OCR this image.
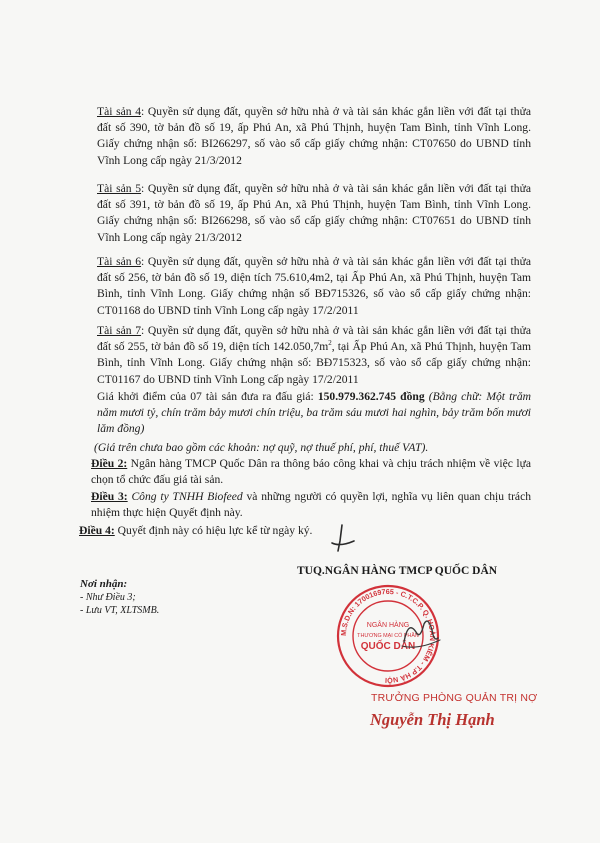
Tài sản 4: Quyền sử dụng đất, quyền sở hữu nhà ở và tài sản khác gắn liền với đất tại thửa đất số 390, tờ bản đồ số 19, ấp Phú An, xã Phú Thịnh, huyện Tam Bình, tỉnh Vĩnh Long. Giấy chứng nhận số: BI266297, số vào sổ cấp giấy chứng nhận: CT07650 do UBND tỉnh Vĩnh Long cấp ngày 21/3/2012

Tài sản 5: Quyền sử dụng đất, quyền sở hữu nhà ở và tài sản khác gắn liền với đất tại thửa đất số 391, tờ bản đồ số 19, ấp Phú An, xã Phú Thịnh, huyện Tam Bình, tỉnh Vĩnh Long. Giấy chứng nhận số: BI266298, số vào sổ cấp giấy chứng nhận: CT07651 do UBND tỉnh Vĩnh Long cấp ngày 21/3/2012

Tài sản 6: Quyền sử dụng đất, quyền sở hữu nhà ở và tài sản khác gắn liền với đất tại thửa đất số 256, tờ bản đồ số 19, diện tích 75.610,4m2, tại Ấp Phú An, xã Phú Thịnh, huyện Tam Bình, tỉnh Vĩnh Long. Giấy chứng nhận số BĐ715326, số vào sổ cấp giấy chứng nhận: CT01168 do UBND tỉnh Vĩnh Long cấp ngày 17/2/2011

Tài sản 7: Quyền sử dụng đất, quyền sở hữu nhà ở và tài sản khác gắn liền với đất tại thửa đất số 255, tờ bản đồ số 19, diện tích $142.050,7m^2$, tại Ấp Phú An, xã Phú Thịnh, huyện Tam Bình, tỉnh Vĩnh Long. Giấy chứng nhận số: BĐ715323, số vào sổ cấp giấy chứng nhận: CT01167 do UBND tỉnh Vĩnh Long cấp ngày 17/2/2011

Giá khởi điểm của 07 tài sản đưa ra đấu giá: 150.979.362.745 đồng (Bằng chữ: Một trăm năm mươi tỷ, chín trăm bảy mươi chín triệu, ba trăm sáu mươi hai nghìn, bảy trăm bốn mươi lăm đồng)

(Giá trên chưa bao gồm các khoản: nợ quỹ, nợ thuế phí, phí, thuế VAT).

Điều 2: Ngân hàng TMCP Quốc Dân ra thông báo công khai và chịu trách nhiệm về việc lựa chọn tổ chức đấu giá tài sản.

Điều 3: Công ty TNHH Biofeed và những người có quyền lợi, nghĩa vụ liên quan chịu trách nhiệm thực hiện Quyết định này.

Điều 4: Quyết định này có hiệu lực kể từ ngày ký.

Nơi nhận:
- Như Điều 3;
- Lưu VT, XLTSMB.
TUQ.NGÂN HÀNG TMCP QUỐC DÂN
M.S.D.N: 1700169765 - C.T.C.P. Q. HOÀN KIẾM - T.P HÀ NỘI
NGÂN HÀNG
THƯƠNG MẠI CỔ PHẦN
QUỐC DÂN
TRƯỞNG PHÒNG QUẢN TRỊ NỢ
Nguyễn Thị Hạnh
